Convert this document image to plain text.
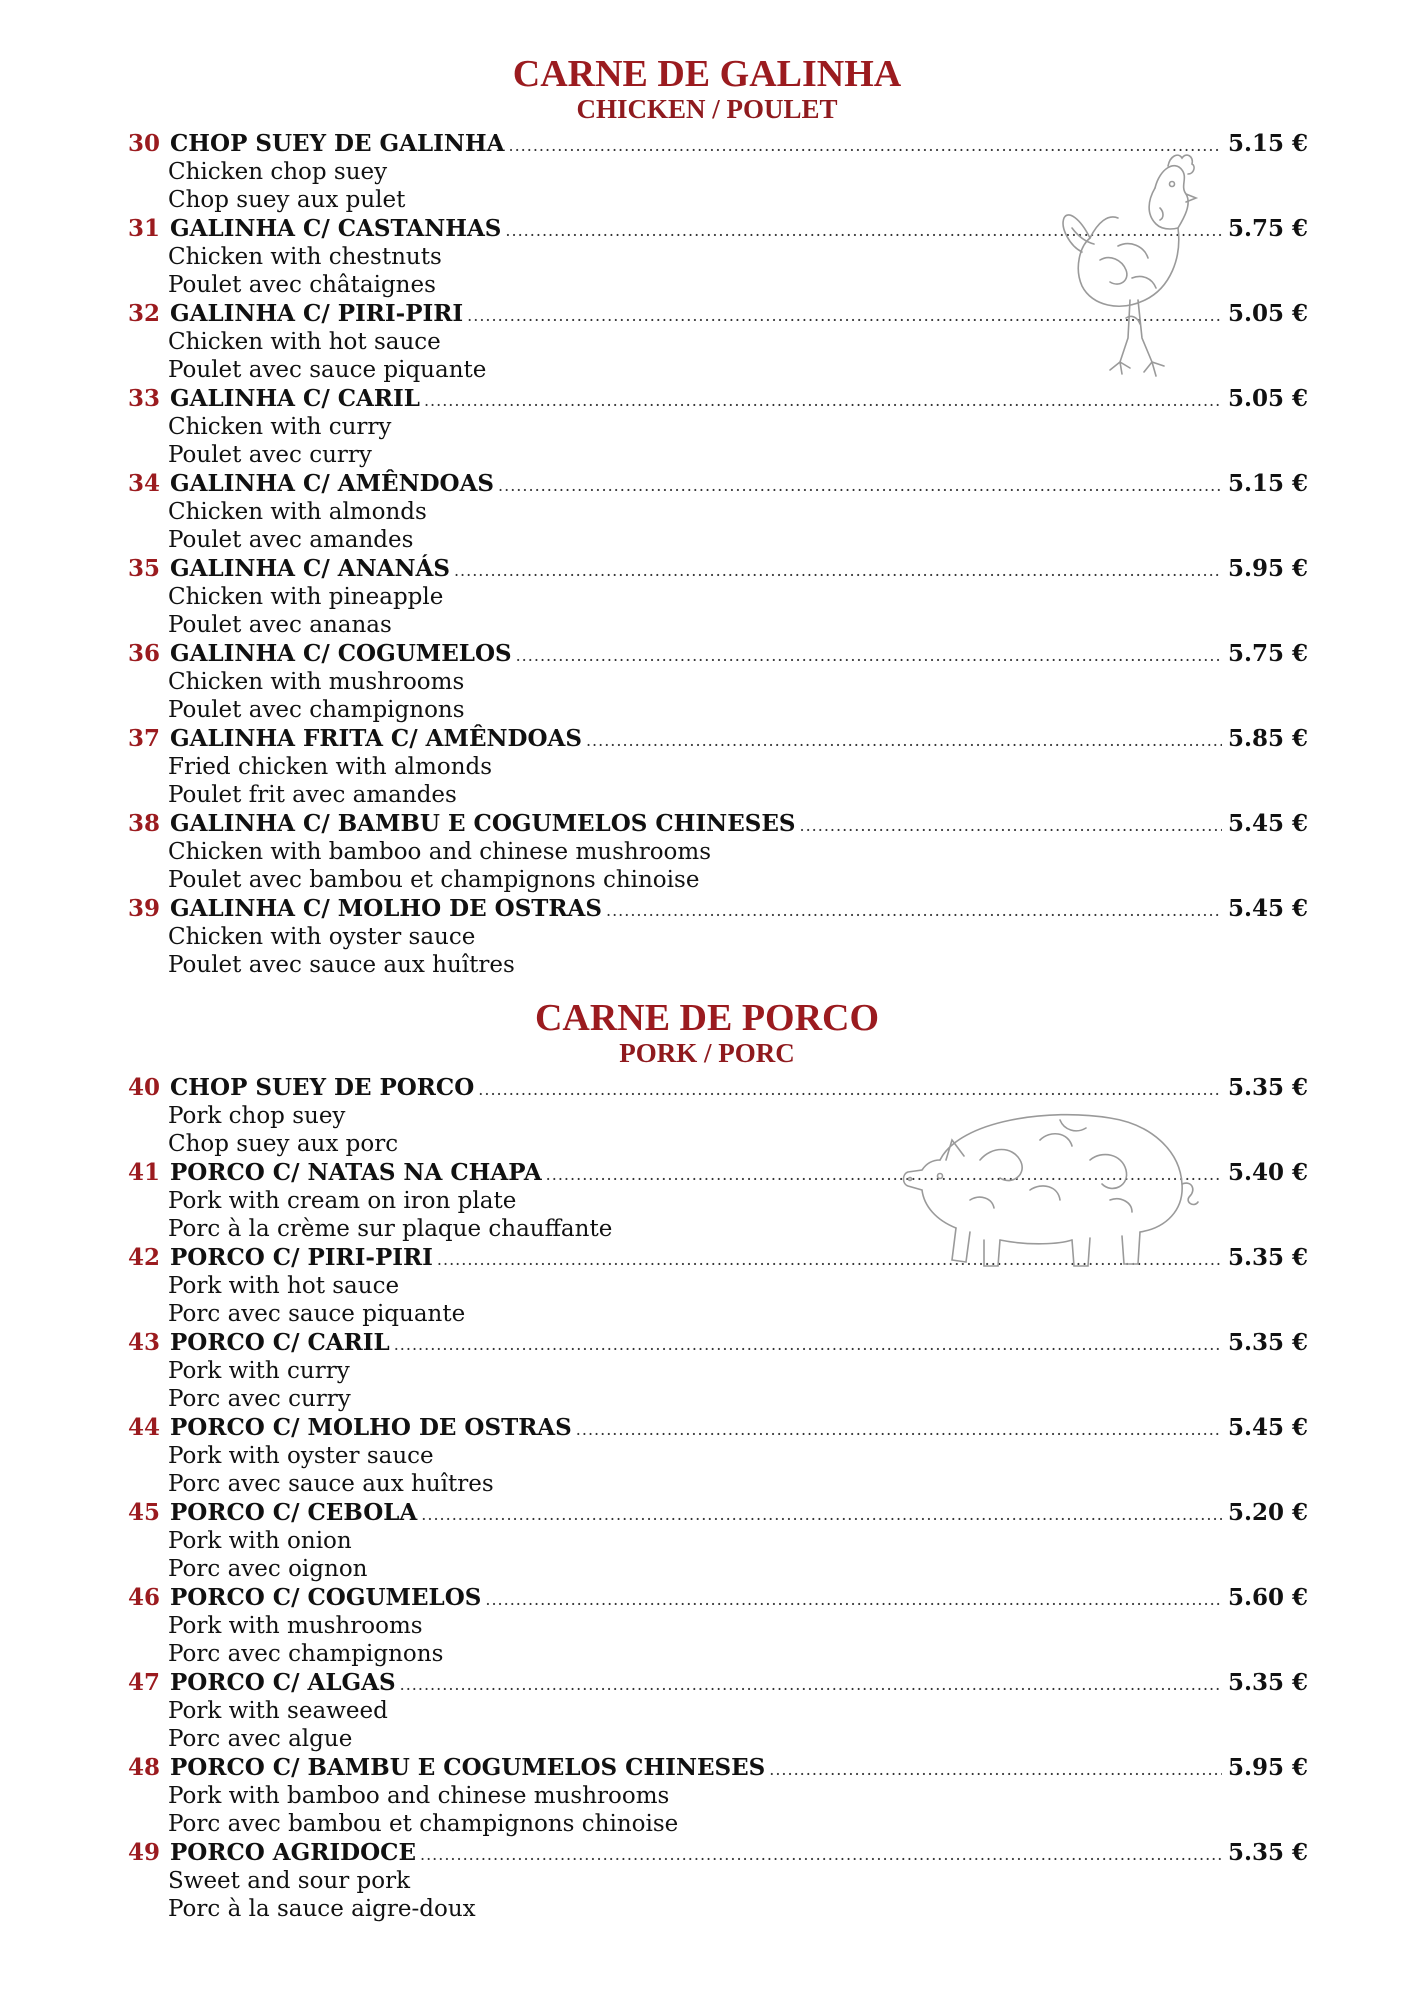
CARNE DE GALINHA
CHICKEN / POULET
30 CHOP SUEY DE GALINHA .....	5.15 €
Chicken chop suey
Chop suey aux pulet
31 GALINHA C/ CASTANHAS .....	5.75 €
Chicken with chestnuts
Poulet avec châtaignes
32 GALINHA C/ PIRI-PIRI .....	5.05 €
Chicken with hot sauce
Poulet avec sauce piquante
33 GALINHA C/ CARIL .....	5.05 €
Chicken with curry
Poulet avec curry
34 GALINHA C/ AMÊNDOAS .....	5.15 €
Chicken with almonds
Poulet avec amandes
35 GALINHA C/ ANANÁS .....	5.95 €
Chicken with pineapple
Poulet avec ananas
36 GALINHA C/ COGUMELOS .....	5.75 €
Chicken with mushrooms
Poulet avec champignons
37 GALINHA FRITA C/ AMÊNDOAS .....	5.85 €
Fried chicken with almonds
Poulet frit avec amandes
38 GALINHA C/ BAMBU E COGUMELOS CHINESES .....	5.45 €
Chicken with bamboo and chinese mushrooms
Poulet avec bambou et champignons chinoise
39 GALINHA C/ MOLHO DE OSTRAS .....	5.45 €
Chicken with oyster sauce
Poulet avec sauce aux huîtres
CARNE DE PORCO
PORK / PORC
40 CHOP SUEY DE PORCO .....	5.35 €
Pork chop suey
Chop suey aux porc
41 PORCO C/ NATAS NA CHAPA .....	5.40 €
Pork with cream on iron plate
Porc à la crème sur plaque chauffante
42 PORCO C/ PIRI-PIRI .....	5.35 €
Pork with hot sauce
Porc avec sauce piquante
43 PORCO C/ CARIL .....	5.35 €
Pork with curry
Porc avec curry
44 PORCO C/ MOLHO DE OSTRAS .....	5.45 €
Pork with oyster sauce
Porc avec sauce aux huîtres
45 PORCO C/ CEBOLA .....	5.20 €
Pork with onion
Porc avec oignon
46 PORCO C/ COGUMELOS .....	5.60 €
Pork with mushrooms
Porc avec champignons
47 PORCO C/ ALGAS .....	5.35 €
Pork with seaweed
Porc avec algue
48 PORCO C/ BAMBU E COGUMELOS CHINESES .....	5.95 €
Pork with bamboo and chinese mushrooms
Porc avec bambou et champignons chinoise
49 PORCO AGRIDOCE .....	5.35 €
Sweet and sour pork
Porc à la sauce aigre-doux
